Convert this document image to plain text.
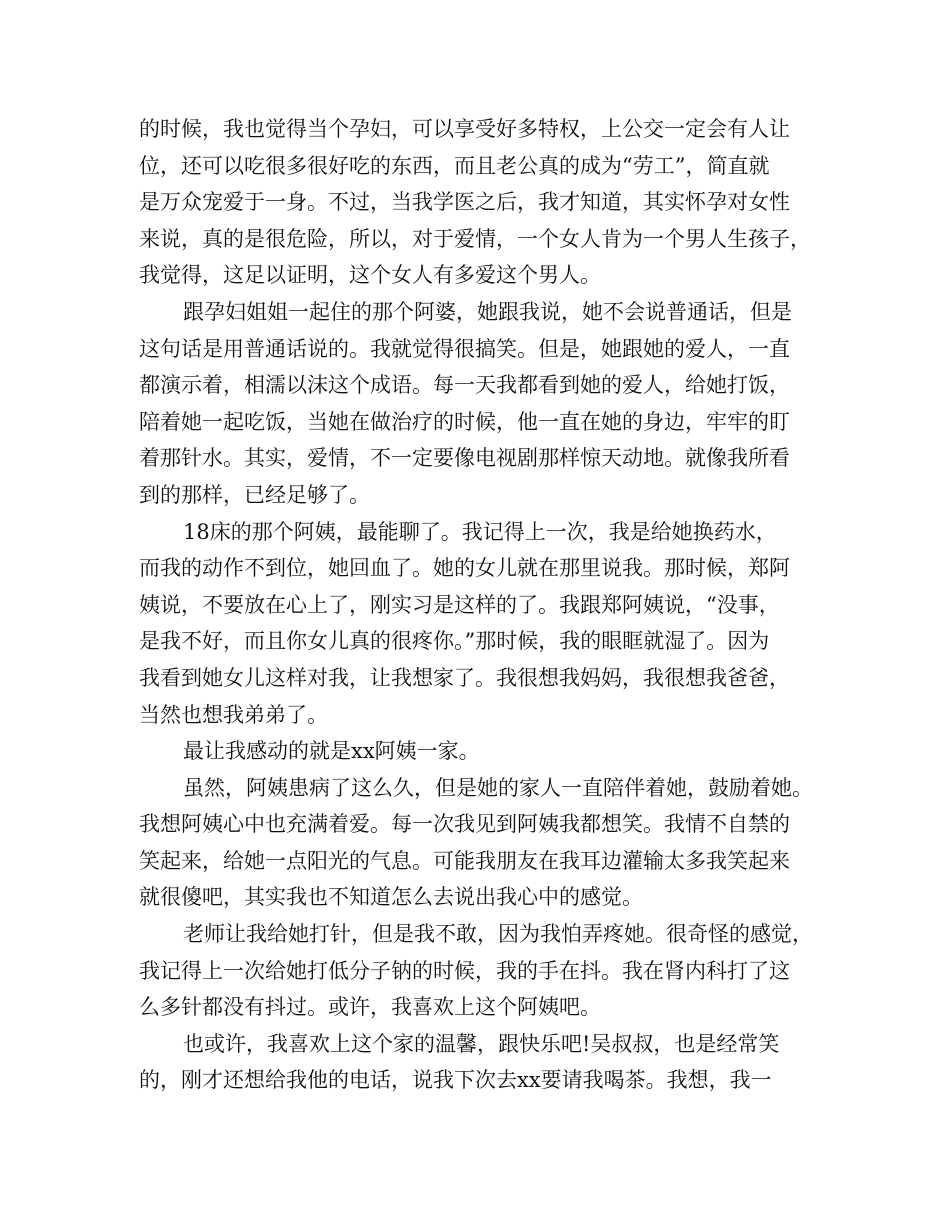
的时候，我也觉得当个孕妇，可以享受好多特权，上公交一定会有人让
位，还可以吃很多很好吃的东西，而且老公真的成为“劳工”，简直就
是万众宠爱于一身。不过，当我学医之后，我才知道，其实怀孕对女性
来说，真的是很危险，所以，对于爱情，一个女人肯为一个男人生孩子，
我觉得，这足以证明，这个女人有多爱这个男人。
跟孕妇姐姐一起住的那个阿婆，她跟我说，她不会说普通话，但是
这句话是用普通话说的。我就觉得很搞笑。但是，她跟她的爱人，一直
都演示着，相濡以沫这个成语。每一天我都看到她的爱人，给她打饭，
陪着她一起吃饭，当她在做治疗的时候，他一直在她的身边，牢牢的盯
着那针水。其实，爱情，不一定要像电视剧那样惊天动地。就像我所看
到的那样，已经足够了。
18床的那个阿姨，最能聊了。我记得上一次，我是给她换药水，
而我的动作不到位，她回血了。她的女儿就在那里说我。那时候，郑阿
姨说，不要放在心上了，刚实习是这样的了。我跟郑阿姨说，“没事，
是我不好，而且你女儿真的很疼你。”那时候，我的眼眶就湿了。因为
我看到她女儿这样对我，让我想家了。我很想我妈妈，我很想我爸爸，
当然也想我弟弟了。
最让我感动的就是xx阿姨一家。
虽然，阿姨患病了这么久，但是她的家人一直陪伴着她，鼓励着她。
我想阿姨心中也充满着爱。每一次我见到阿姨我都想笑。我情不自禁的
笑起来，给她一点阳光的气息。可能我朋友在我耳边灌输太多我笑起来
就很傻吧，其实我也不知道怎么去说出我心中的感觉。
老师让我给她打针，但是我不敢，因为我怕弄疼她。很奇怪的感觉，
我记得上一次给她打低分子钠的时候，我的手在抖。我在肾内科打了这
么多针都没有抖过。或许，我喜欢上这个阿姨吧。
也或许，我喜欢上这个家的温馨，跟快乐吧!吴叔叔，也是经常笑
的，刚才还想给我他的电话，说我下次去xx要请我喝茶。我想，我一
